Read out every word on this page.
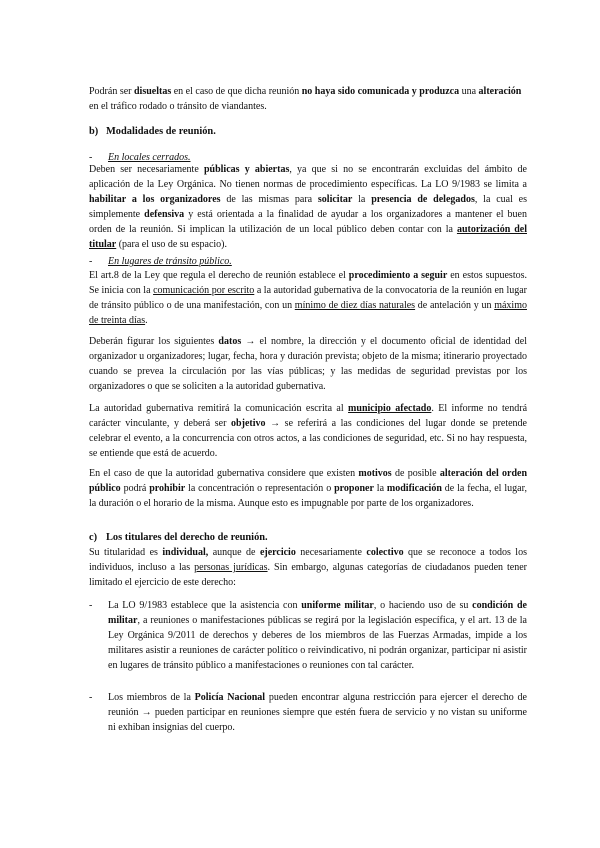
Podrán ser disueltas en el caso de que dicha reunión no haya sido comunicada y produzca una alteración en el tráfico rodado o tránsito de viandantes.

b) Modalidades de reunión.
- En locales cerrados.

Deben ser necesariamente públicas y abiertas, ya que si no se encontrarán excluidas del ámbito de aplicación de la Ley Orgánica. No tienen normas de procedimiento específicas. La LO 9/1983 se limita a habilitar a los organizadores de las mismas para solicitar la presencia de delegados, la cual es simplemente defensiva y está orientada a la finalidad de ayudar a los organizadores a mantener el buen orden de la reunión. Si implican la utilización de un local público deben contar con la autorización del titular (para el uso de su espacio).

- En lugares de tránsito público.

El art.8 de la Ley que regula el derecho de reunión establece el procedimiento a seguir en estos supuestos. Se inicia con la comunicación por escrito a la autoridad gubernativa de la convocatoria de la reunión en lugar de tránsito público o de una manifestación, con un mínimo de diez días naturales de antelación y un máximo de treinta días.

Deberán figurar los siguientes datos → el nombre, la dirección y el documento oficial de identidad del organizador u organizadores; lugar, fecha, hora y duración prevista; objeto de la misma; itinerario proyectado cuando se prevea la circulación por las vías públicas; y las medidas de seguridad previstas por los organizadores o que se soliciten a la autoridad gubernativa.

La autoridad gubernativa remitirá la comunicación escrita al municipio afectado. El informe no tendrá carácter vinculante, y deberá ser objetivo → se referirá a las condiciones del lugar donde se pretende celebrar el evento, a la concurrencia con otros actos, a las condiciones de seguridad, etc. Si no hay respuesta, se entiende que está de acuerdo.

En el caso de que la autoridad gubernativa considere que existen motivos de posible alteración del orden público podrá prohibir la concentración o representación o proponer la modificación de la fecha, el lugar, la duración o el horario de la misma. Aunque esto es impugnable por parte de los organizadores.

c) Los titulares del derecho de reunión.

Su titularidad es individual, aunque de ejercicio necesariamente colectivo que se reconoce a todos los individuos, incluso a las personas jurídicas. Sin embargo, algunas categorías de ciudadanos pueden tener limitado el ejercicio de este derecho:

- La LO 9/1983 establece que la asistencia con uniforme militar, o haciendo uso de su condición de militar, a reuniones o manifestaciones públicas se regirá por la legislación específica, y el art. 13 de la Ley Orgánica 9/2011 de derechos y deberes de los miembros de las Fuerzas Armadas, impide a los militares asistir a reuniones de carácter político o reivindicativo, ni podrán organizar, participar ni asistir en lugares de tránsito público a manifestaciones o reuniones con tal carácter.

- Los miembros de la Policía Nacional pueden encontrar alguna restricción para ejercer el derecho de reunión → pueden participar en reuniones siempre que estén fuera de servicio y no vistan su uniforme ni exhiban insignias del cuerpo.
